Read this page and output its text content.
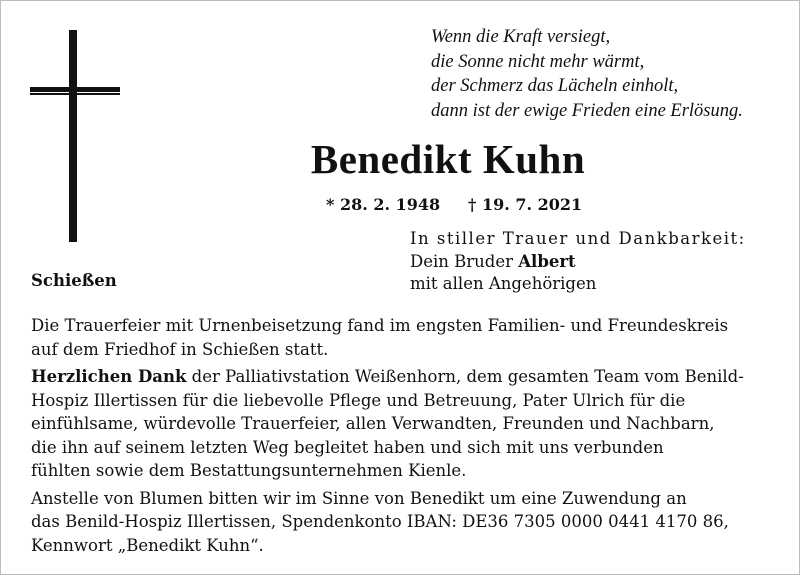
Wenn die Kraft versiegt,
die Sonne nicht mehr wärmt,
der Schmerz das Lächeln einholt,
dann ist der ewige Frieden eine Erlösung.
Benedikt Kuhn
* 28. 2. 1948 † 19. 7. 2021
In stiller Trauer und Dankbarkeit:
Dein Bruder Albert
mit allen Angehörigen
Schießen

Die Trauerfeier mit Urnenbeisetzung fand im engsten Familien- und Freundeskreis
auf dem Friedhof in Schießen statt.

Herzlichen Dank der Palliativstation Weißenhorn, dem gesamten Team vom Benild-
Hospiz Illertissen für die liebevolle Pflege und Betreuung, Pater Ulrich für die
einfühlsame, würdevolle Trauerfeier, allen Verwandten, Freunden und Nachbarn,
die ihn auf seinem letzten Weg begleitet haben und sich mit uns verbunden
fühlten sowie dem Bestattungsunternehmen Kienle.

Anstelle von Blumen bitten wir im Sinne von Benedikt um eine Zuwendung an
das Benild-Hospiz Illertissen, Spendenkonto IBAN: DE36 7305 0000 0441 4170 86,
Kennwort „Benedikt Kuhn“.
